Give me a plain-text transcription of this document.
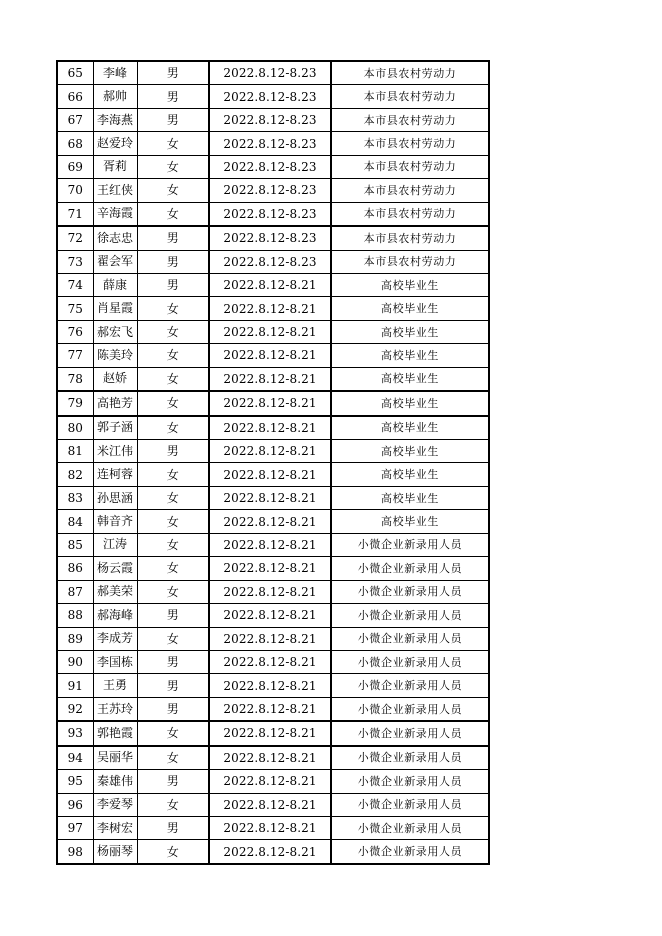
65	李峰	男	2022.8.12-8.23	本市县农村劳动力
66	郝帅	男	2022.8.12-8.23	本市县农村劳动力
67	李海燕	男	2022.8.12-8.23	本市县农村劳动力
68	赵爱玲	女	2022.8.12-8.23	本市县农村劳动力
69	胥莉	女	2022.8.12-8.23	本市县农村劳动力
70	王红侠	女	2022.8.12-8.23	本市县农村劳动力
71	辛海霞	女	2022.8.12-8.23	本市县农村劳动力
72	徐志忠	男	2022.8.12-8.23	本市县农村劳动力
73	翟会军	男	2022.8.12-8.23	本市县农村劳动力
74	薛康	男	2022.8.12-8.21	高校毕业生
75	肖星霞	女	2022.8.12-8.21	高校毕业生
76	郝宏飞	女	2022.8.12-8.21	高校毕业生
77	陈美玲	女	2022.8.12-8.21	高校毕业生
78	赵娇	女	2022.8.12-8.21	高校毕业生
79	高艳芳	女	2022.8.12-8.21	高校毕业生
80	郭子涵	女	2022.8.12-8.21	高校毕业生
81	米江伟	男	2022.8.12-8.21	高校毕业生
82	连柯蓉	女	2022.8.12-8.21	高校毕业生
83	孙思涵	女	2022.8.12-8.21	高校毕业生
84	韩音齐	女	2022.8.12-8.21	高校毕业生
85	江涛	女	2022.8.12-8.21	小微企业新录用人员
86	杨云霞	女	2022.8.12-8.21	小微企业新录用人员
87	郝美荣	女	2022.8.12-8.21	小微企业新录用人员
88	郝海峰	男	2022.8.12-8.21	小微企业新录用人员
89	李成芳	女	2022.8.12-8.21	小微企业新录用人员
90	李国栋	男	2022.8.12-8.21	小微企业新录用人员
91	王勇	男	2022.8.12-8.21	小微企业新录用人员
92	王苏玲	男	2022.8.12-8.21	小微企业新录用人员
93	郭艳霞	女	2022.8.12-8.21	小微企业新录用人员
94	吴丽华	女	2022.8.12-8.21	小微企业新录用人员
95	秦雄伟	男	2022.8.12-8.21	小微企业新录用人员
96	李爱琴	女	2022.8.12-8.21	小微企业新录用人员
97	李树宏	男	2022.8.12-8.21	小微企业新录用人员
98	杨丽琴	女	2022.8.12-8.21	小微企业新录用人员
